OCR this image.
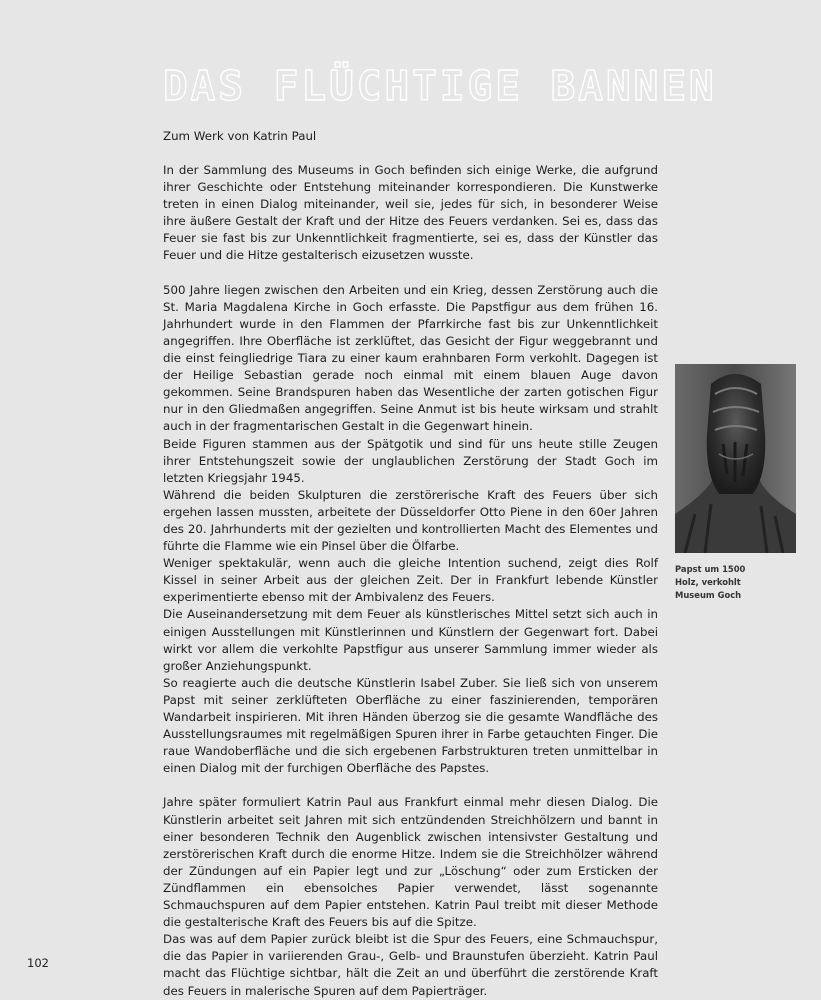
DAS FLÜCHTIGE BANNEN
Zum Werk von Katrin Paul

In der Sammlung des Museums in Goch befinden sich einige Werke, die aufgrund ihrer Geschichte oder Entstehung miteinander korrespondieren. Die Kunstwerke treten in einen Dialog miteinander, weil sie, jedes für sich, in besonderer Weise ihre äußere Gestalt der Kraft und der Hitze des Feuers verdanken. Sei es, dass das Feuer sie fast bis zur Unkenntlichkeit fragmentierte, sei es, dass der Künstler das Feuer und die Hitze gestalterisch eizusetzen wusste.

500 Jahre liegen zwischen den Arbeiten und ein Krieg, dessen Zerstörung auch die St. Maria Magdalena Kirche in Goch erfasste. Die Papstfigur aus dem frühen 16. Jahrhundert wurde in den Flammen der Pfarrkirche fast bis zur Unkenntlichkeit angegriffen. Ihre Oberfläche ist zerklüftet, das Gesicht der Figur weggebrannt und die einst feingliedrige Tiara zu einer kaum erahnbaren Form verkohlt. Dagegen ist der Heilige Sebastian gerade noch einmal mit einem blauen Auge davon gekommen. Seine Brandspuren haben das Wesentliche der zarten gotischen Figur nur in den Gliedmaßen angegriffen. Seine Anmut ist bis heute wirksam und strahlt auch in der fragmentarischen Gestalt in die Gegenwart hinein.

Beide Figuren stammen aus der Spätgotik und sind für uns heute stille Zeugen ihrer Entstehungszeit sowie der unglaublichen Zerstörung der Stadt Goch im letzten Kriegsjahr 1945.

Während die beiden Skulpturen die zerstörerische Kraft des Feuers über sich ergehen lassen mussten, arbeitete der Düsseldorfer Otto Piene in den 60er Jahren des 20. Jahrhunderts mit der gezielten und kontrollierten Macht des Elementes und führte die Flamme wie ein Pinsel über die Ölfarbe.

Weniger spektakulär, wenn auch die gleiche Intention suchend, zeigt dies Rolf Kissel in seiner Arbeit aus der gleichen Zeit. Der in Frankfurt lebende Künstler experimentierte ebenso mit der Ambivalenz des Feuers.

Die Auseinandersetzung mit dem Feuer als künstlerisches Mittel setzt sich auch in einigen Ausstellungen mit Künstlerinnen und Künstlern der Gegenwart fort. Dabei wirkt vor allem die verkohlte Papstfigur aus unserer Sammlung immer wieder als großer Anziehungspunkt.

So reagierte auch die deutsche Künstlerin Isabel Zuber. Sie ließ sich von unserem Papst mit seiner zerklüfteten Oberfläche zu einer faszinierenden, temporären Wandarbeit inspirieren. Mit ihren Händen überzog sie die gesamte Wandfläche des Ausstellungsraumes mit regelmäßigen Spuren ihrer in Farbe getauchten Finger. Die raue Wandoberfläche und die sich ergebenen Farbstrukturen treten unmittelbar in einen Dialog mit der furchigen Oberfläche des Papstes.

Jahre später formuliert Katrin Paul aus Frankfurt einmal mehr diesen Dialog. Die Künstlerin arbeitet seit Jahren mit sich entzündenden Streichhölzern und bannt in einer besonderen Technik den Augenblick zwischen intensivster Gestaltung und zerstörerischen Kraft durch die enorme Hitze. Indem sie die Streichhölzer während der Zündungen auf ein Papier legt und zur „Löschung“ oder zum Ersticken der Zündflammen ein ebensolches Papier verwendet, lässt sogenannte Schmauchspuren auf dem Papier entstehen. Katrin Paul treibt mit dieser Methode die gestalterische Kraft des Feuers bis auf die Spitze.

Das was auf dem Papier zurück bleibt ist die Spur des Feuers, eine Schmauchspur, die das Papier in variierenden Grau-, Gelb- und Braunstufen überzieht. Katrin Paul macht das Flüchtige sichtbar, hält die Zeit an und überführt die zerstörende Kraft des Feuers in malerische Spuren auf dem Papierträger.

Papst um 1500
Holz, verkohlt
Museum Goch
102
